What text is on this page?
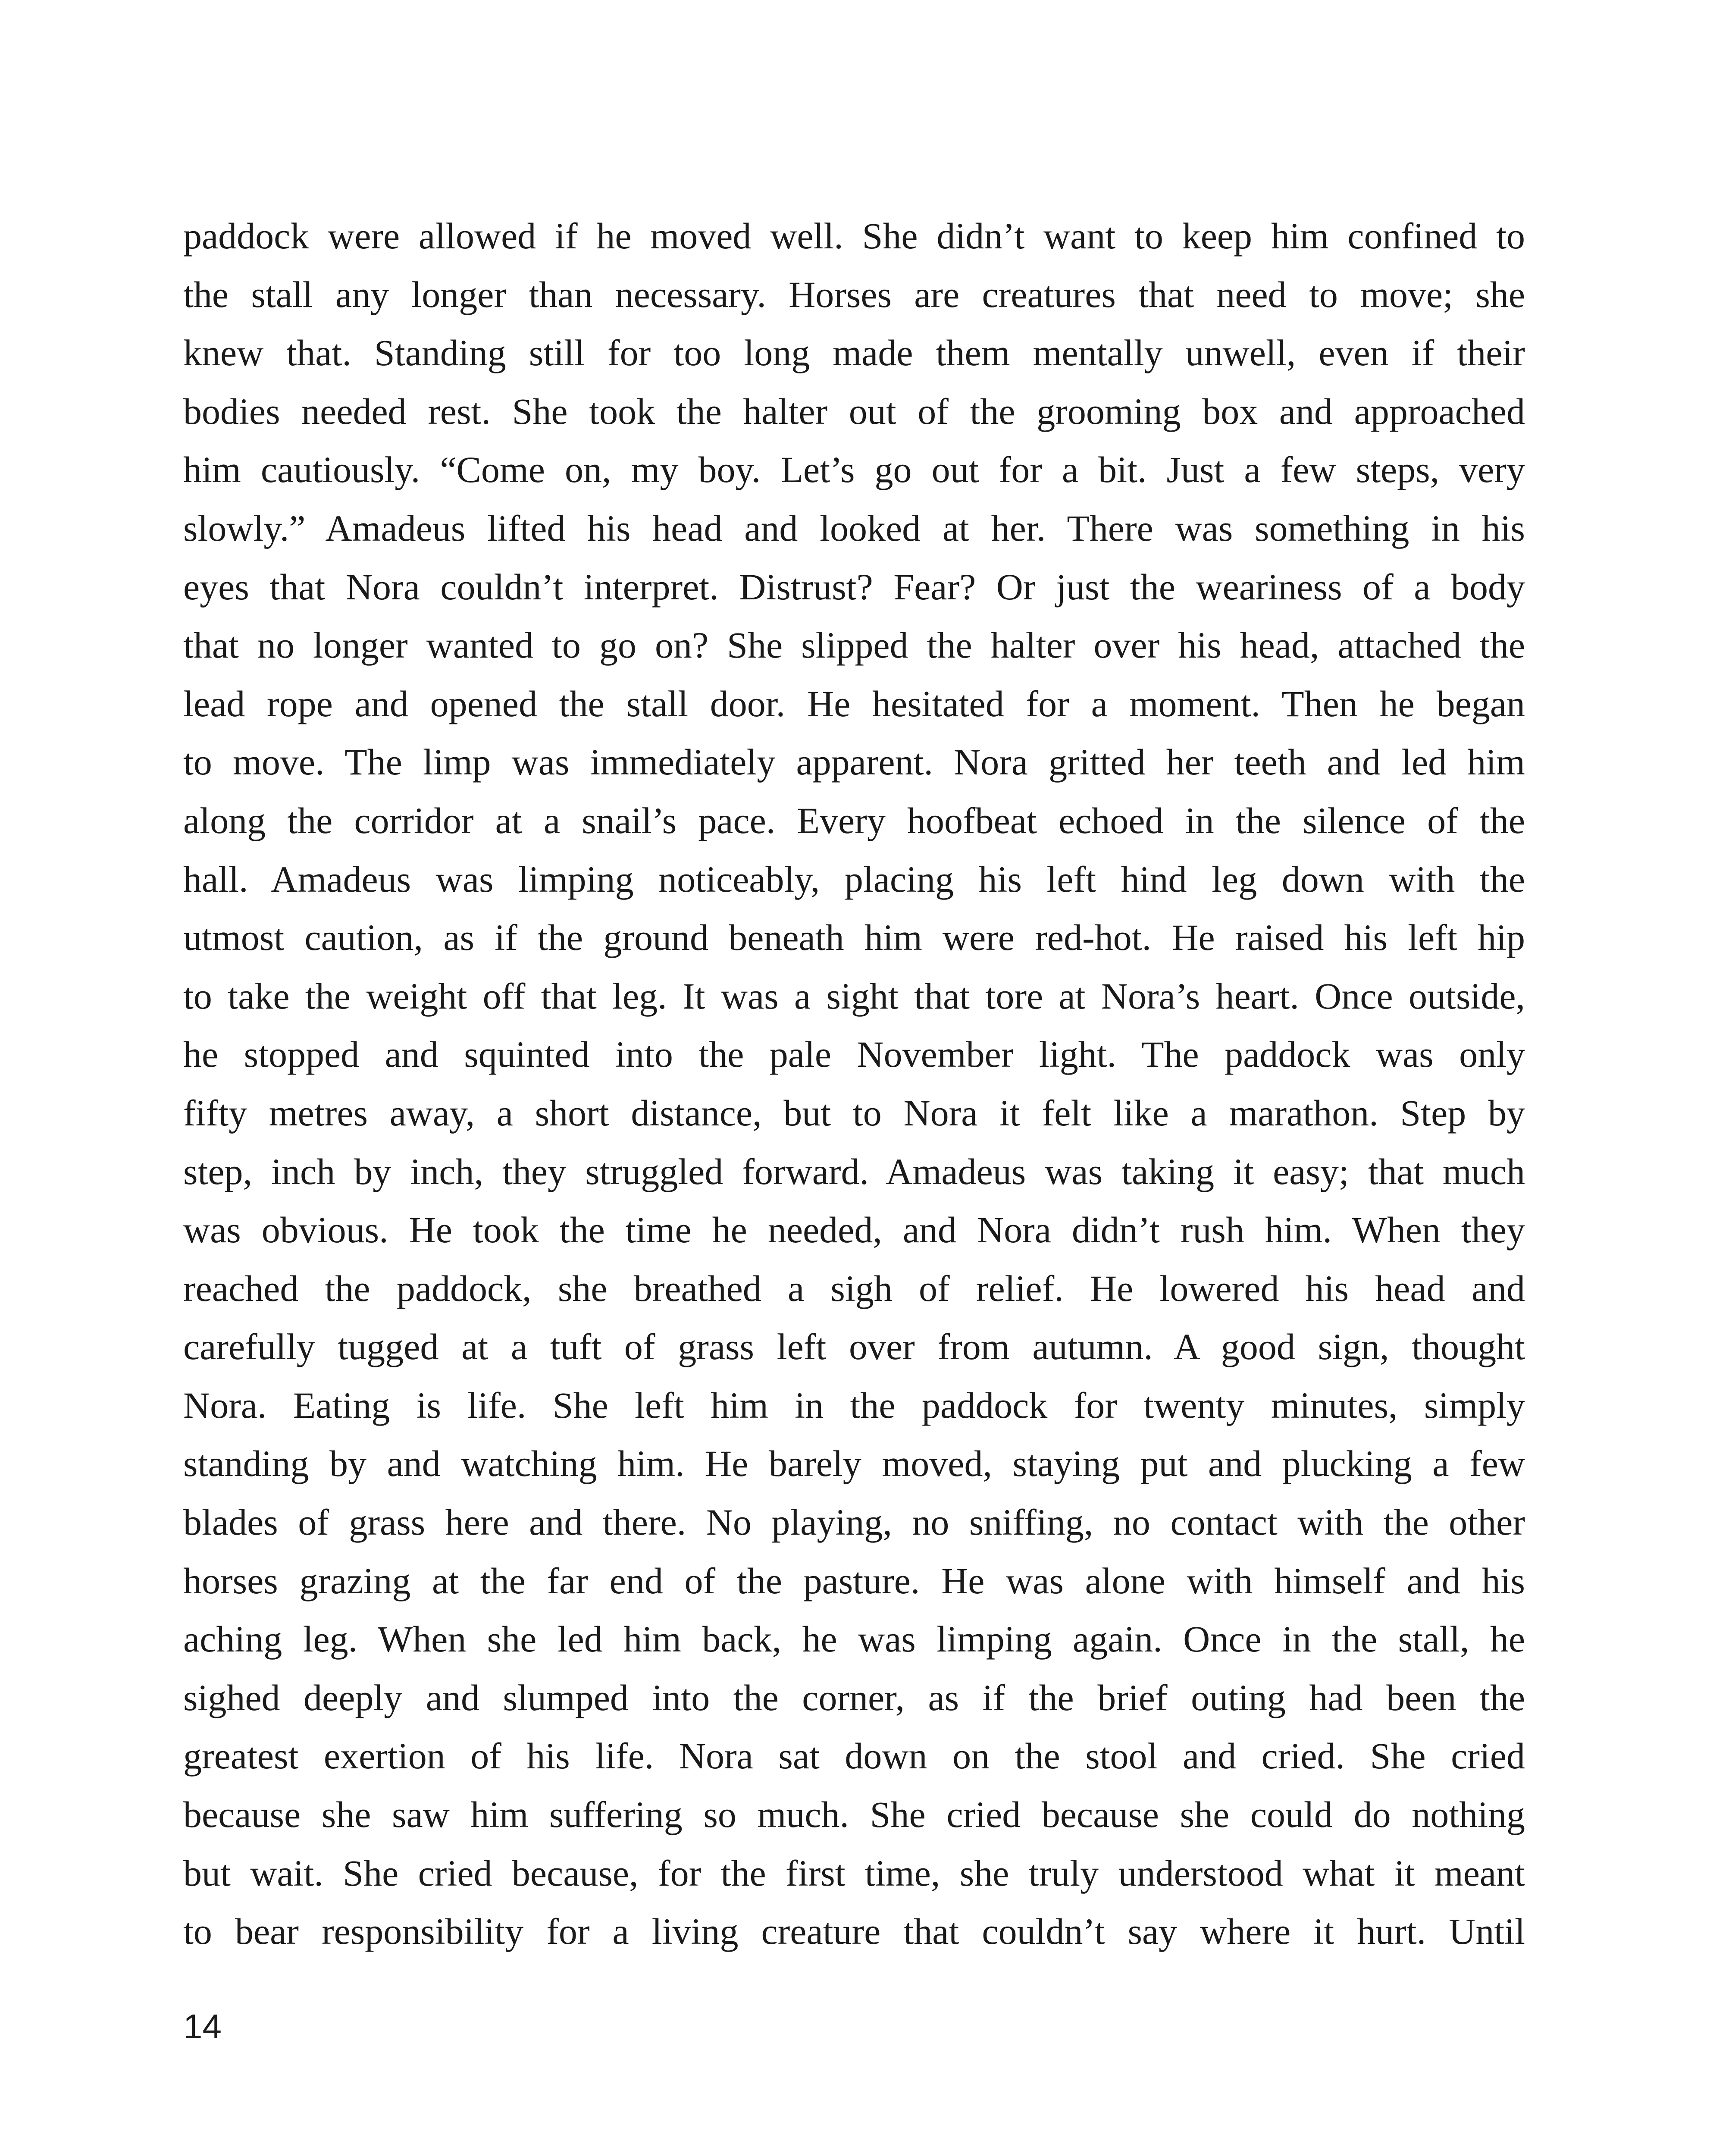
paddock were allowed if he moved well. She didn’t want to keep him confined to
the stall any longer than necessary. Horses are creatures that need to move; she
knew that. Standing still for too long made them mentally unwell, even if their
bodies needed rest. She took the halter out of the grooming box and approached
him cautiously. “Come on, my boy. Let’s go out for a bit. Just a few steps, very
slowly.” Amadeus lifted his head and looked at her. There was something in his
eyes that Nora couldn’t interpret. Distrust? Fear? Or just the weariness of a body
that no longer wanted to go on? She slipped the halter over his head, attached the
lead rope and opened the stall door. He hesitated for a moment. Then he began
to move. The limp was immediately apparent. Nora gritted her teeth and led him
along the corridor at a snail’s pace. Every hoofbeat echoed in the silence of the
hall. Amadeus was limping noticeably, placing his left hind leg down with the
utmost caution, as if the ground beneath him were red-hot. He raised his left hip
to take the weight off that leg. It was a sight that tore at Nora’s heart. Once outside,
he stopped and squinted into the pale November light. The paddock was only
fifty metres away, a short distance, but to Nora it felt like a marathon. Step by
step, inch by inch, they struggled forward. Amadeus was taking it easy; that much
was obvious. He took the time he needed, and Nora didn’t rush him. When they
reached the paddock, she breathed a sigh of relief. He lowered his head and
carefully tugged at a tuft of grass left over from autumn. A good sign, thought
Nora. Eating is life. She left him in the paddock for twenty minutes, simply
standing by and watching him. He barely moved, staying put and plucking a few
blades of grass here and there. No playing, no sniffing, no contact with the other
horses grazing at the far end of the pasture. He was alone with himself and his
aching leg. When she led him back, he was limping again. Once in the stall, he
sighed deeply and slumped into the corner, as if the brief outing had been the
greatest exertion of his life. Nora sat down on the stool and cried. She cried
because she saw him suffering so much. She cried because she could do nothing
but wait. She cried because, for the first time, she truly understood what it meant
to bear responsibility for a living creature that couldn’t say where it hurt. Until
14
